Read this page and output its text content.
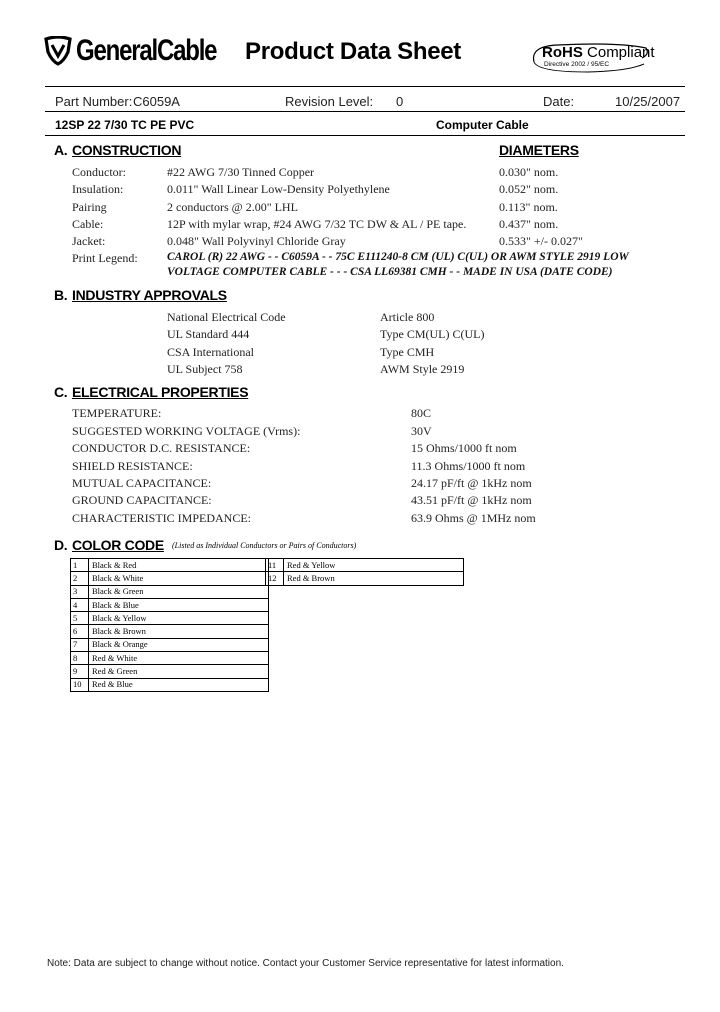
GeneralCable Product Data Sheet	RoHS Compliant
Directive 2002 / 95/EC
Part Number: C6059A	Revision Level: 0	Date:	10/25/2007
12SP 22 7/30 TC PE PVC	Computer Cable
A. CONSTRUCTION	DIAMETERS
Conductor:	#22 AWG 7/30 Tinned Copper	0.030" nom.
Insulation:	0.011" Wall Linear Low-Density Polyethylene	0.052" nom.
Pairing	2 conductors @ 2.00" LHL	0.113" nom.
Cable:	12P with mylar wrap, #24 AWG 7/32 TC DW & AL / PE tape.	0.437" nom.
Jacket:	0.048" Wall Polyvinyl Chloride Gray	0.533" +/- 0.027"
Print Legend:	CAROL (R) 22 AWG - - C6059A - - 75C E111240-8 CM (UL) C(UL) OR AWM STYLE 2919 LOW
VOLTAGE COMPUTER CABLE - - - CSA LL69381 CMH - - MADE IN USA (DATE CODE)
B. INDUSTRY APPROVALS
National Electrical Code	Article 800
UL Standard 444	Type CM(UL) C(UL)
CSA International	Type CMH
UL Subject 758	AWM Style 2919
C. ELECTRICAL PROPERTIES
TEMPERATURE:	80C
SUGGESTED WORKING VOLTAGE (Vrms):	30V
CONDUCTOR D.C. RESISTANCE:	15 Ohms/1000 ft nom
SHIELD RESISTANCE:	11.3 Ohms/1000 ft nom
MUTUAL CAPACITANCE:	24.17 pF/ft @ 1kHz nom
GROUND CAPACITANCE:	43.51 pF/ft @ 1kHz nom
CHARACTERISTIC IMPEDANCE:	63.9 Ohms @ 1MHz nom
D. COLOR CODE (Listed as Individual Conductors or Pairs of Conductors)
1	Black & Red
2	Black & White
3	Black & Green
4	Black & Blue
5	Black & Yellow
6	Black & Brown
7	Black & Orange
8	Red & White
9	Red & Green
10	Red & Blue
11	Red & Yellow
12	Red & Brown
Note: Data are subject to change without notice. Contact your Customer Service representative for latest information.
